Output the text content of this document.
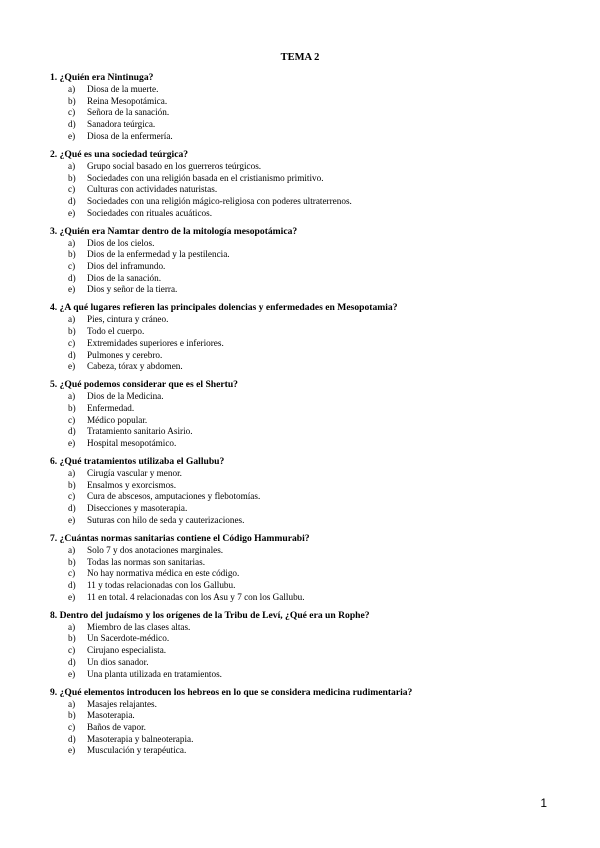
TEMA 2
1. ¿Quién era Nintinuga?
a) Diosa de la muerte.
b) Reina Mesopotámica.
c) Señora de la sanación.
d) Sanadora teúrgica.
e) Diosa de la enfermería.
2. ¿Qué es una sociedad teúrgica?
a) Grupo social basado en los guerreros teúrgicos.
b) Sociedades con una religión basada en el cristianismo primitivo.
c) Culturas con actividades naturistas.
d) Sociedades con una religión mágico-religiosa con poderes ultraterrenos.
e) Sociedades con rituales acuáticos.
3. ¿Quién era Namtar dentro de la mitología mesopotámica?
a) Dios de los cielos.
b) Dios de la enfermedad y la pestilencia.
c) Dios del inframundo.
d) Dios de la sanación.
e) Dios y señor de la tierra.
4. ¿A qué lugares refieren las principales dolencias y enfermedades en Mesopotamia?
a) Pies, cintura y cráneo.
b) Todo el cuerpo.
c) Extremidades superiores e inferiores.
d) Pulmones y cerebro.
e) Cabeza, tórax y abdomen.
5. ¿Qué podemos considerar que es el Shertu?
a) Dios de la Medicina.
b) Enfermedad.
c) Médico popular.
d) Tratamiento sanitario Asirio.
e) Hospital mesopotámico.
6. ¿Qué tratamientos utilizaba el Gallubu?
a) Cirugía vascular y menor.
b) Ensalmos y exorcismos.
c) Cura de abscesos, amputaciones y flebotomías.
d) Disecciones y masoterapia.
e) Suturas con hilo de seda y cauterizaciones.
7. ¿Cuántas normas sanitarias contiene el Código Hammurabi?
a) Solo 7 y dos anotaciones marginales.
b) Todas las normas son sanitarias.
c) No hay normativa médica en este código.
d) 11 y todas relacionadas con los Gallubu.
e) 11 en total. 4 relacionadas con los Asu y 7 con los Gallubu.
8. Dentro del judaísmo y los orígenes de la Tribu de Leví, ¿Qué era un Rophe?
a) Miembro de las clases altas.
b) Un Sacerdote-médico.
c) Cirujano especialista.
d) Un dios sanador.
e) Una planta utilizada en tratamientos.
9. ¿Qué elementos introducen los hebreos en lo que se considera medicina rudimentaria?
a) Masajes relajantes.
b) Masoterapia.
c) Baños de vapor.
d) Masoterapia y balneoterapia.
e) Musculación y terapéutica.
1
